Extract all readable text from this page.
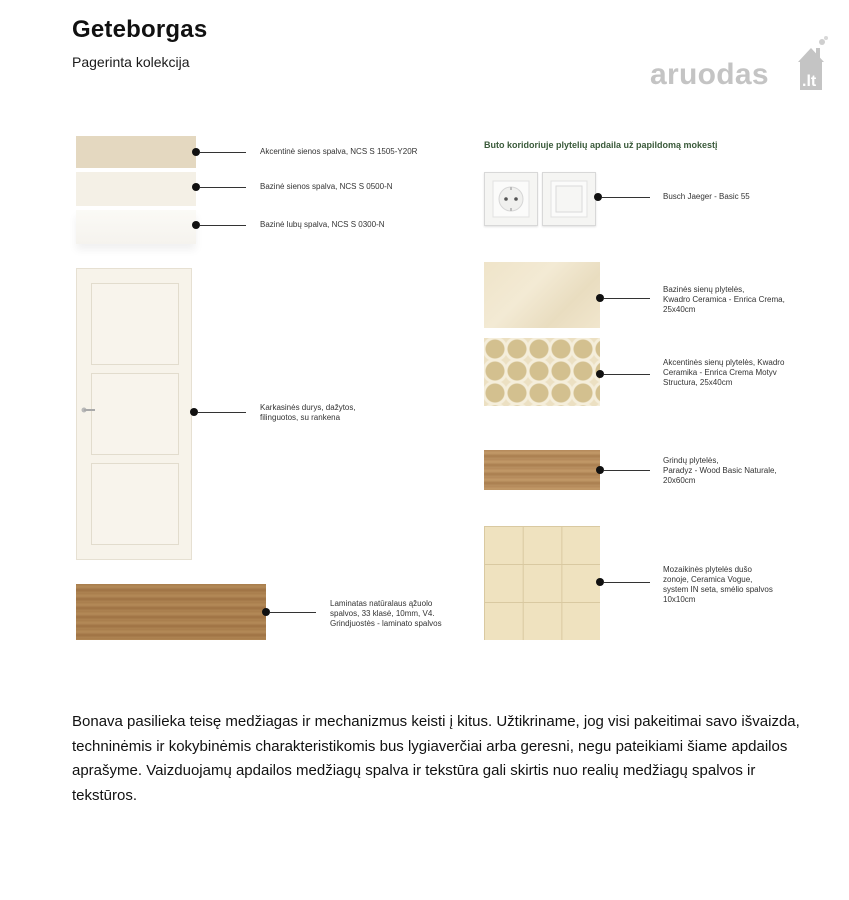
Geteborgas
Pagerinta kolekcija	aruodas .lt
Akcentinė sienos spalva, NCS S 1505-Y20R
Bazinė sienos spalva, NCS S 0500-N
Bazinė lubų spalva, NCS S 0300-N
Karkasinės durys, dažytos,
filinguotos, su rankena
Laminatas natūralaus ąžuolo
spalvos, 33 klasė, 10mm, V4.
Grindjuostės - laminato spalvos
Buto koridoriuje plytelių apdaila už papildomą mokestį
Busch Jaeger - Basic 55
Bazinės sienų plytelės,
Kwadro Ceramica - Enrica Crema,
25x40cm
Akcentinės sienų plytelės, Kwadro
Ceramika - Enrica Crema Motyv
Structura, 25x40cm
Grindų plytelės,
Paradyz - Wood Basic Naturale,
20x60cm
Mozaikinės plytelės dušo
zonoje, Ceramica Vogue,
system IN seta, smėlio spalvos
10x10cm
Bonava pasilieka teisę medžiagas ir mechanizmus keisti į kitus. Užtikriname, jog visi pakeitimai savo išvaizda, techninėmis ir kokybinėmis charakteristikomis bus lygiaverčiai arba geresni, negu pateikiami šiame apdailos aprašyme. Vaizduojamų apdailos medžiagų spalva ir tekstūra gali skirtis nuo realių medžiagų spalvos ir tekstūros.
